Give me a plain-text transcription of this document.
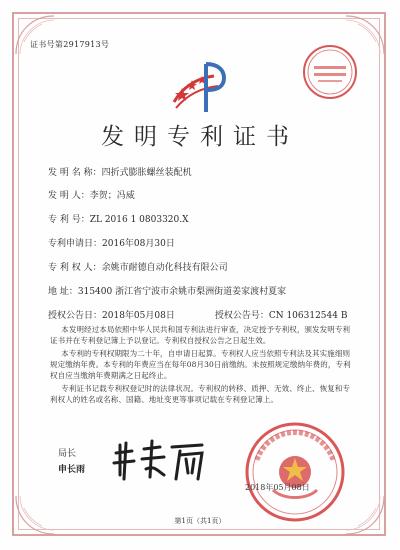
证书号第2917913号
发明专利证书
发 明 名 称：四折式膨胀螺丝装配机
发 明 人：李贺；冯威
专 利 号：ZL 2016 1 0803320.X
专利申请日：2016年08月30日
专 利 权 人：余姚市耐德自动化科技有限公司
地 址：315400 浙江省宁波市余姚市梨洲街道姜家渡村夏家
授权公告日：2018年05月08日	授权公告号：CN 106312544 B
本发明经过本局依照中华人民共和国专利法进行审查，决定授予专利权，颁发发明专利证书并在专利登记簿上予以登记。专利权自授权公告之日起生效。
本专利的专利权期限为二十年，自申请日起算。专利权人应当依照专利法及其实施细则规定缴纳年费。本专利的年费应当在每年08月30日前缴纳。未按照规定缴纳年费的，专利权自应当缴纳年费期满之日起终止。
专利证书记载专利权登记时的法律状况。专利权的转移、质押、无效、终止、恢复和专利权人的姓名或名称、国籍、地址变更等事项记载在专利登记簿上。
局长
申长雨
2018年05月08日
第1页（共1页）
